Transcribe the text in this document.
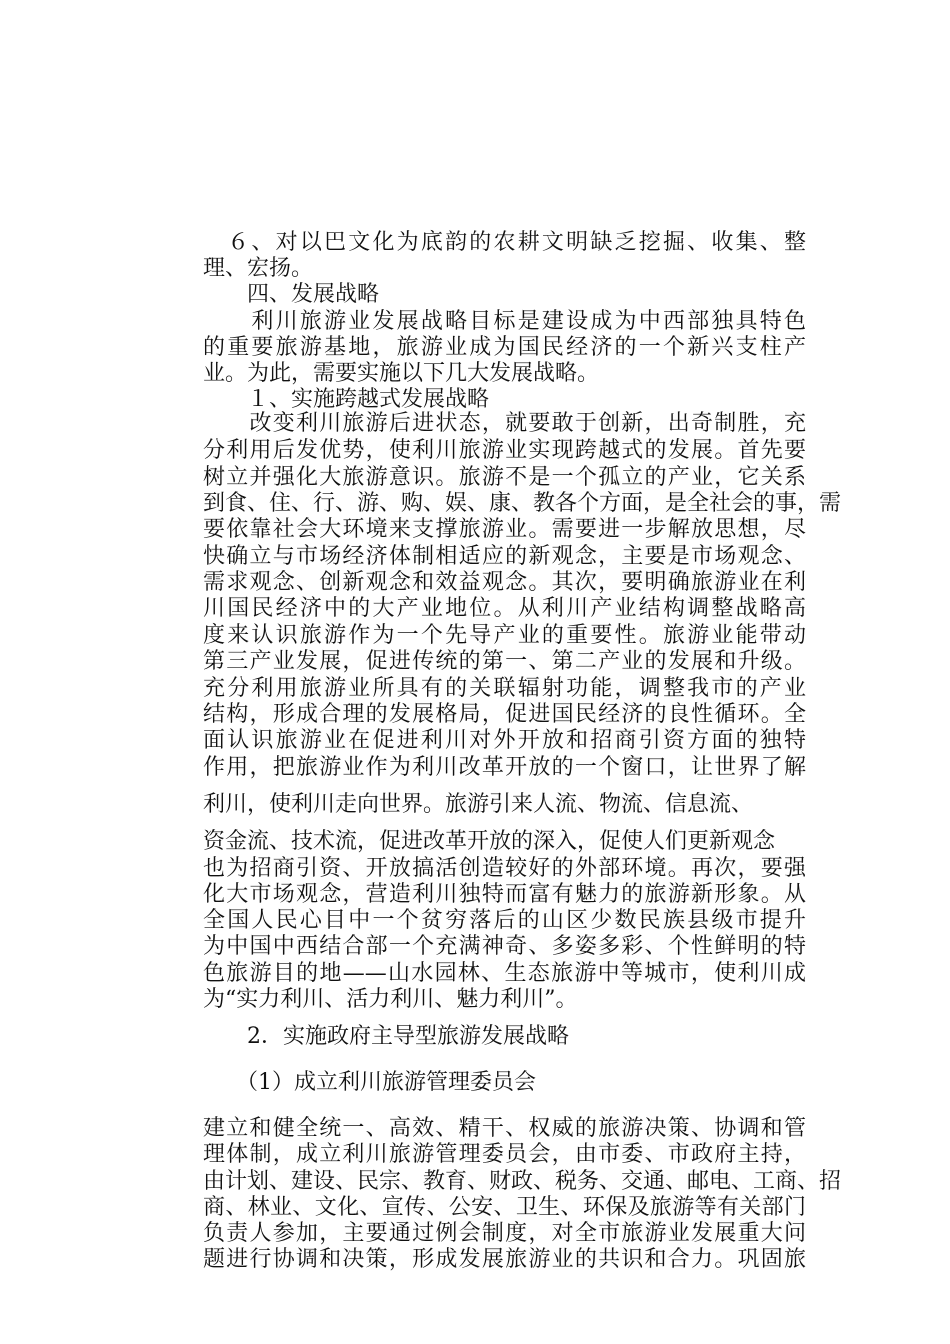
　６、对以巴文化为底韵的农耕文明缺乏挖掘、收集、整
理、宏扬。
　　四、发展战略
　　利川旅游业发展战略目标是建设成为中西部独具特色
的重要旅游基地，旅游业成为国民经济的一个新兴支柱产
业。为此，需要实施以下几大发展战略。
　　１、实施跨越式发展战略
　　改变利川旅游后进状态，就要敢于创新，出奇制胜，充
分利用后发优势，使利川旅游业实现跨越式的发展。首先要
树立并强化大旅游意识。旅游不是一个孤立的产业，它关系
到食、住、行、游、购、娱、康、教各个方面，是全社会的事，需
要依靠社会大环境来支撑旅游业。需要进一步解放思想，尽
快确立与市场经济体制相适应的新观念，主要是市场观念、
需求观念、创新观念和效益观念。其次，要明确旅游业在利
川国民经济中的大产业地位。从利川产业结构调整战略高
度来认识旅游作为一个先导产业的重要性。旅游业能带动
第三产业发展，促进传统的第一、第二产业的发展和升级。
充分利用旅游业所具有的关联辐射功能，调整我市的产业
结构，形成合理的发展格局，促进国民经济的良性循环。全
面认识旅游业在促进利川对外开放和招商引资方面的独特
作用，把旅游业作为利川改革开放的一个窗口，让世界了解
利川，使利川走向世界。旅游引来人流、物流、信息流、
资金流、技术流，促进改革开放的深入，促使人们更新观念
也为招商引资、开放搞活创造较好的外部环境。再次，要强
化大市场观念，营造利川独特而富有魅力的旅游新形象。从
全国人民心目中一个贫穷落后的山区少数民族县级市提升
为中国中西结合部一个充满神奇、多姿多彩、个性鲜明的特
色旅游目的地——山水园林、生态旅游中等城市，使利川成
为“实力利川、活力利川、魅力利川”。
　　2．实施政府主导型旅游发展战略
　　（1）成立利川旅游管理委员会
建立和健全统一、高效、精干、权威的旅游决策、协调和管
理体制，成立利川旅游管理委员会，由市委、市政府主持，
由计划、建设、民宗、教育、财政、税务、交通、邮电、工商、招
商、林业、文化、宣传、公安、卫生、环保及旅游等有关部门
负责人参加，主要通过例会制度，对全市旅游业发展重大问
题进行协调和决策，形成发展旅游业的共识和合力。巩固旅
